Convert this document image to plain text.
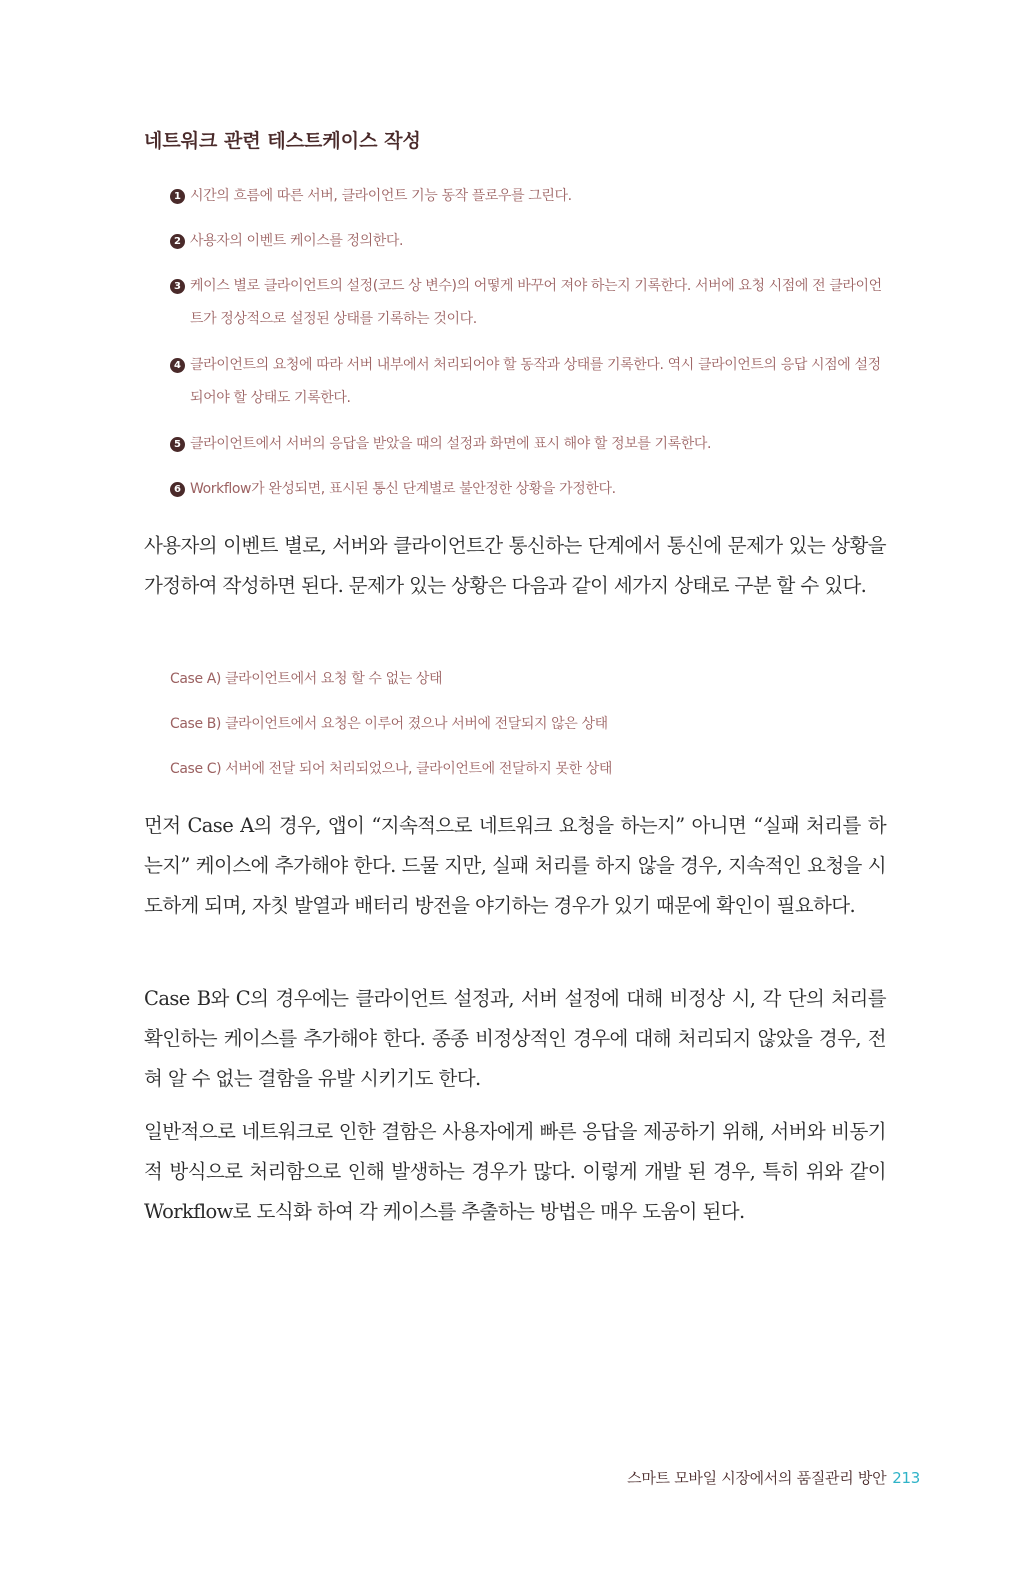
네트워크 관련 테스트케이스 작성
1 시간의 흐름에 따른 서버, 클라이언트 기능 동작 플로우를 그린다.
2 사용자의 이벤트 케이스를 정의한다.
3 케이스 별로 클라이언트의 설정(코드 상 변수)의 어떻게 바꾸어 져야 하는지 기록한다. 서버에 요청 시점에 전 클라이언트가 정상적으로 설정된 상태를 기록하는 것이다.
4 클라이언트의 요청에 따라 서버 내부에서 처리되어야 할 동작과 상태를 기록한다. 역시 클라이언트의 응답 시점에 설정되어야 할 상태도 기록한다.
5 클라이언트에서 서버의 응답을 받았을 때의 설정과 화면에 표시 해야 할 정보를 기록한다.
6 Workflow가 완성되면, 표시된 통신 단계별로 불안정한 상황을 가정한다.

사용자의 이벤트 별로, 서버와 클라이언트간 통신하는 단계에서 통신에 문제가 있는 상황을 가정하여 작성하면 된다. 문제가 있는 상황은 다음과 같이 세가지 상태로 구분 할 수 있다.

Case A) 클라이언트에서 요청 할 수 없는 상태
Case B) 클라이언트에서 요청은 이루어 졌으나 서버에 전달되지 않은 상태
Case C) 서버에 전달 되어 처리되었으나, 클라이언트에 전달하지 못한 상태

먼저 Case A의 경우, 앱이 “지속적으로 네트워크 요청을 하는지” 아니면 “실패 처리를 하는지” 케이스에 추가해야 한다. 드물 지만, 실패 처리를 하지 않을 경우, 지속적인 요청을 시도하게 되며, 자칫 발열과 배터리 방전을 야기하는 경우가 있기 때문에 확인이 필요하다.

Case B와 C의 경우에는 클라이언트 설정과, 서버 설정에 대해 비정상 시, 각 단의 처리를 확인하는 케이스를 추가해야 한다. 종종 비정상적인 경우에 대해 처리되지 않았을 경우, 전혀 알 수 없는 결함을 유발 시키기도 한다.

일반적으로 네트워크로 인한 결함은 사용자에게 빠른 응답을 제공하기 위해, 서버와 비동기적 방식으로 처리함으로 인해 발생하는 경우가 많다. 이렇게 개발 된 경우, 특히 위와 같이 Workflow로 도식화 하여 각 케이스를 추출하는 방법은 매우 도움이 된다.

스마트 모바일 시장에서의 품질관리 방안 213
